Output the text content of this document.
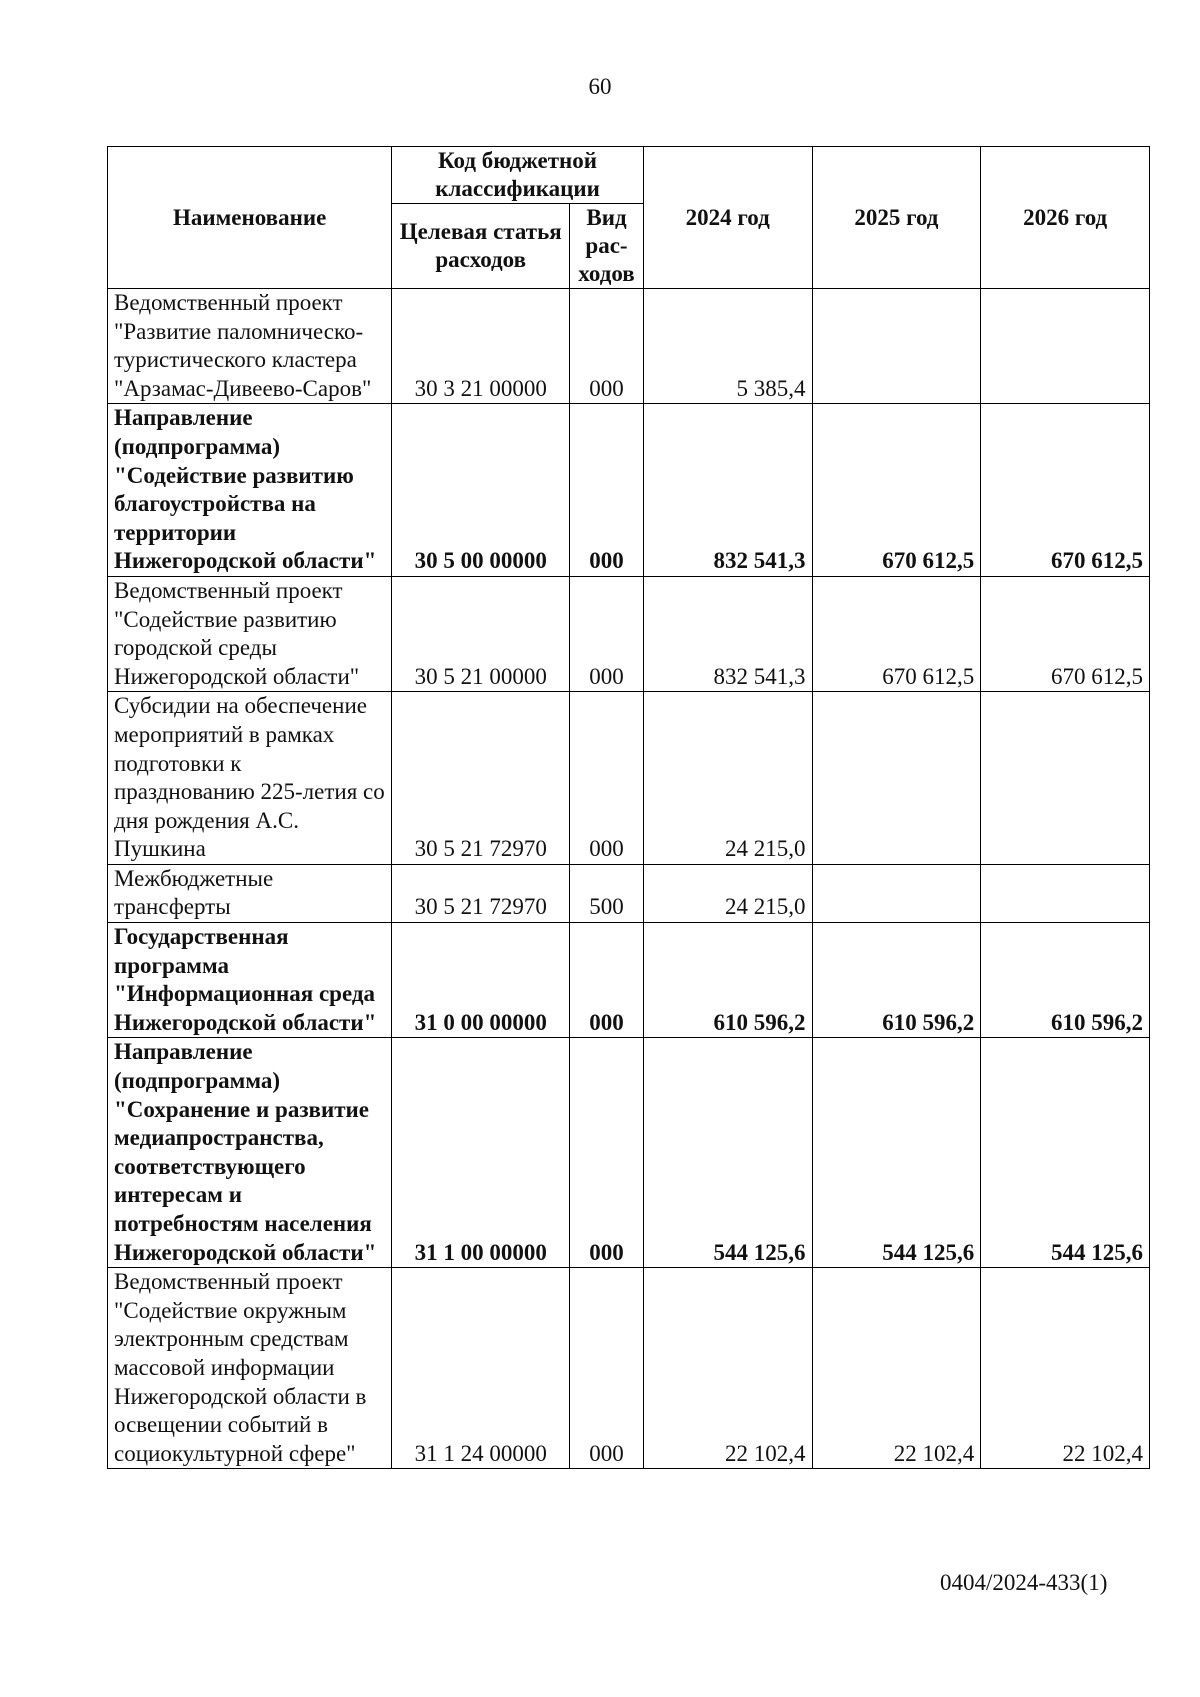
60
Наименование	Код бюджетной классификации		2024 год	2025 год	2026 год
	Целевая статья расходов	Вид рас-ходов			
Ведомственный проект "Развитие паломническо-туристического кластера "Арзамас-Дивеево-Саров"	30 3 21 00000	000	5 385,4		
Направление (подпрограмма) "Содействие развитию благоустройства на территории Нижегородской области"	30 5 00 00000	000	832 541,3	670 612,5	670 612,5
Ведомственный проект "Содействие развитию городской среды Нижегородской области"	30 5 21 00000	000	832 541,3	670 612,5	670 612,5
Субсидии на обеспечение мероприятий в рамках подготовки к празднованию 225-летия со дня рождения А.С. Пушкина	30 5 21 72970	000	24 215,0		
Межбюджетные трансферты	30 5 21 72970	500	24 215,0		
Государственная программа "Информационная среда Нижегородской области"	31 0 00 00000	000	610 596,2	610 596,2	610 596,2
Направление (подпрограмма) "Сохранение и развитие медиапространства, соответствующего интересам и потребностям населения Нижегородской области"	31 1 00 00000	000	544 125,6	544 125,6	544 125,6
Ведомственный проект "Содействие окружным электронным средствам массовой информации Нижегородской области в освещении событий в социокультурной сфере"	31 1 24 00000	000	22 102,4	22 102,4	22 102,4
0404/2024-433(1)
